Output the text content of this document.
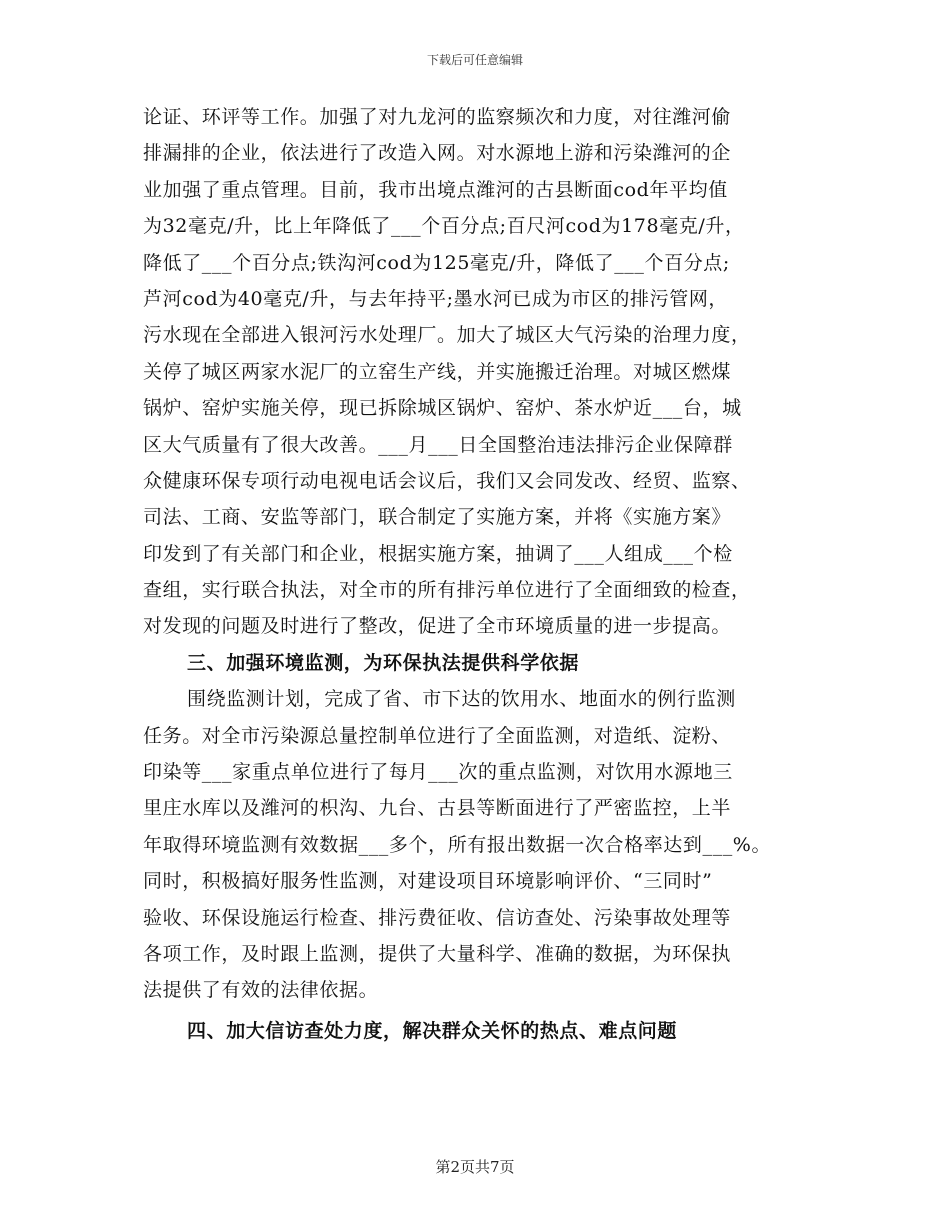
下载后可任意编辑
论证、环评等工作。加强了对九龙河的监察频次和力度，对往潍河偷
排漏排的企业，依法进行了改造入网。对水源地上游和污染潍河的企
业加强了重点管理。目前，我市出境点潍河的古县断面cod年平均值
为32毫克/升，比上年降低了___个百分点;百尺河cod为178毫克/升，
降低了___个百分点;铁沟河cod为125毫克/升，降低了___个百分点;
芦河cod为40毫克/升，与去年持平;墨水河已成为市区的排污管网，
污水现在全部进入银河污水处理厂。加大了城区大气污染的治理力度，
关停了城区两家水泥厂的立窑生产线，并实施搬迁治理。对城区燃煤
锅炉、窑炉实施关停，现已拆除城区锅炉、窑炉、茶水炉近___台，城
区大气质量有了很大改善。___月___日全国整治违法排污企业保障群
众健康环保专项行动电视电话会议后，我们又会同发改、经贸、监察、
司法、工商、安监等部门，联合制定了实施方案，并将《实施方案》
印发到了有关部门和企业，根据实施方案，抽调了___人组成___个检
查组，实行联合执法，对全市的所有排污单位进行了全面细致的检查，
对发现的问题及时进行了整改，促进了全市环境质量的进一步提高。
三、加强环境监测，为环保执法提供科学依据
围绕监测计划，完成了省、市下达的饮用水、地面水的例行监测
任务。对全市污染源总量控制单位进行了全面监测，对造纸、淀粉、
印染等___家重点单位进行了每月___次的重点监测，对饮用水源地三
里庄水库以及潍河的枳沟、九台、古县等断面进行了严密监控，上半
年取得环境监测有效数据___多个，所有报出数据一次合格率达到___%。
同时，积极搞好服务性监测，对建设项目环境影响评价、“三同时”
验收、环保设施运行检查、排污费征收、信访查处、污染事故处理等
各项工作，及时跟上监测，提供了大量科学、准确的数据，为环保执
法提供了有效的法律依据。
四、加大信访查处力度，解决群众关怀的热点、难点问题
第2页共7页
